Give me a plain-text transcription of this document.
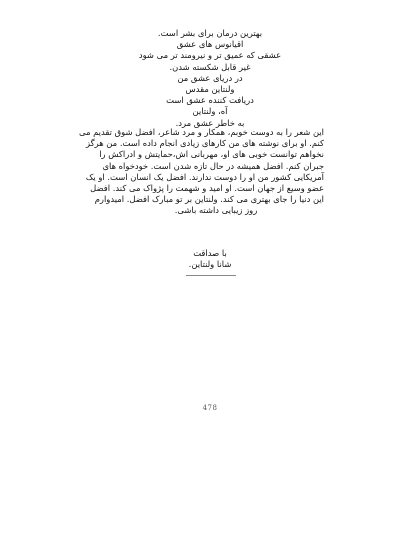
بهترین درمان برای بشر است.
اقیانوس های عشق
عشقی که عمیق تر و نیرومند تر می شود
غیر قابل شکسته شدن.
در دریای عشق من
ولنتاین مقدس
دریافت کننده عشق است
آه، ولنتاین
به خاطر عشق مرد.
این شعر را به دوست خوبم، همکار و مرد شاعر، افضل شوق تقدیم می
کنم. او برای نوشته های من کارهای زیادی انجام داده است. من هرگز
نخواهم توانست خوبی های او، مهربانی اش،حمایتش و ادراکش را
جبران کنم. افضل همیشه در حال تازه شدن است. خودخواه های
آمریکایی کشور من او را دوست ندارند. افضل یک انسان است. او یک
عضو وسیع از جهان است. او امید و شهمت را پژواک می کند. افضل
این دنیا را جای بهتری می کند. ولنتاین بر تو مبارک افضل. امیدوارم
روز زیبایی داشته باشی.
با صداقت
شانا ولنتاین.
478
